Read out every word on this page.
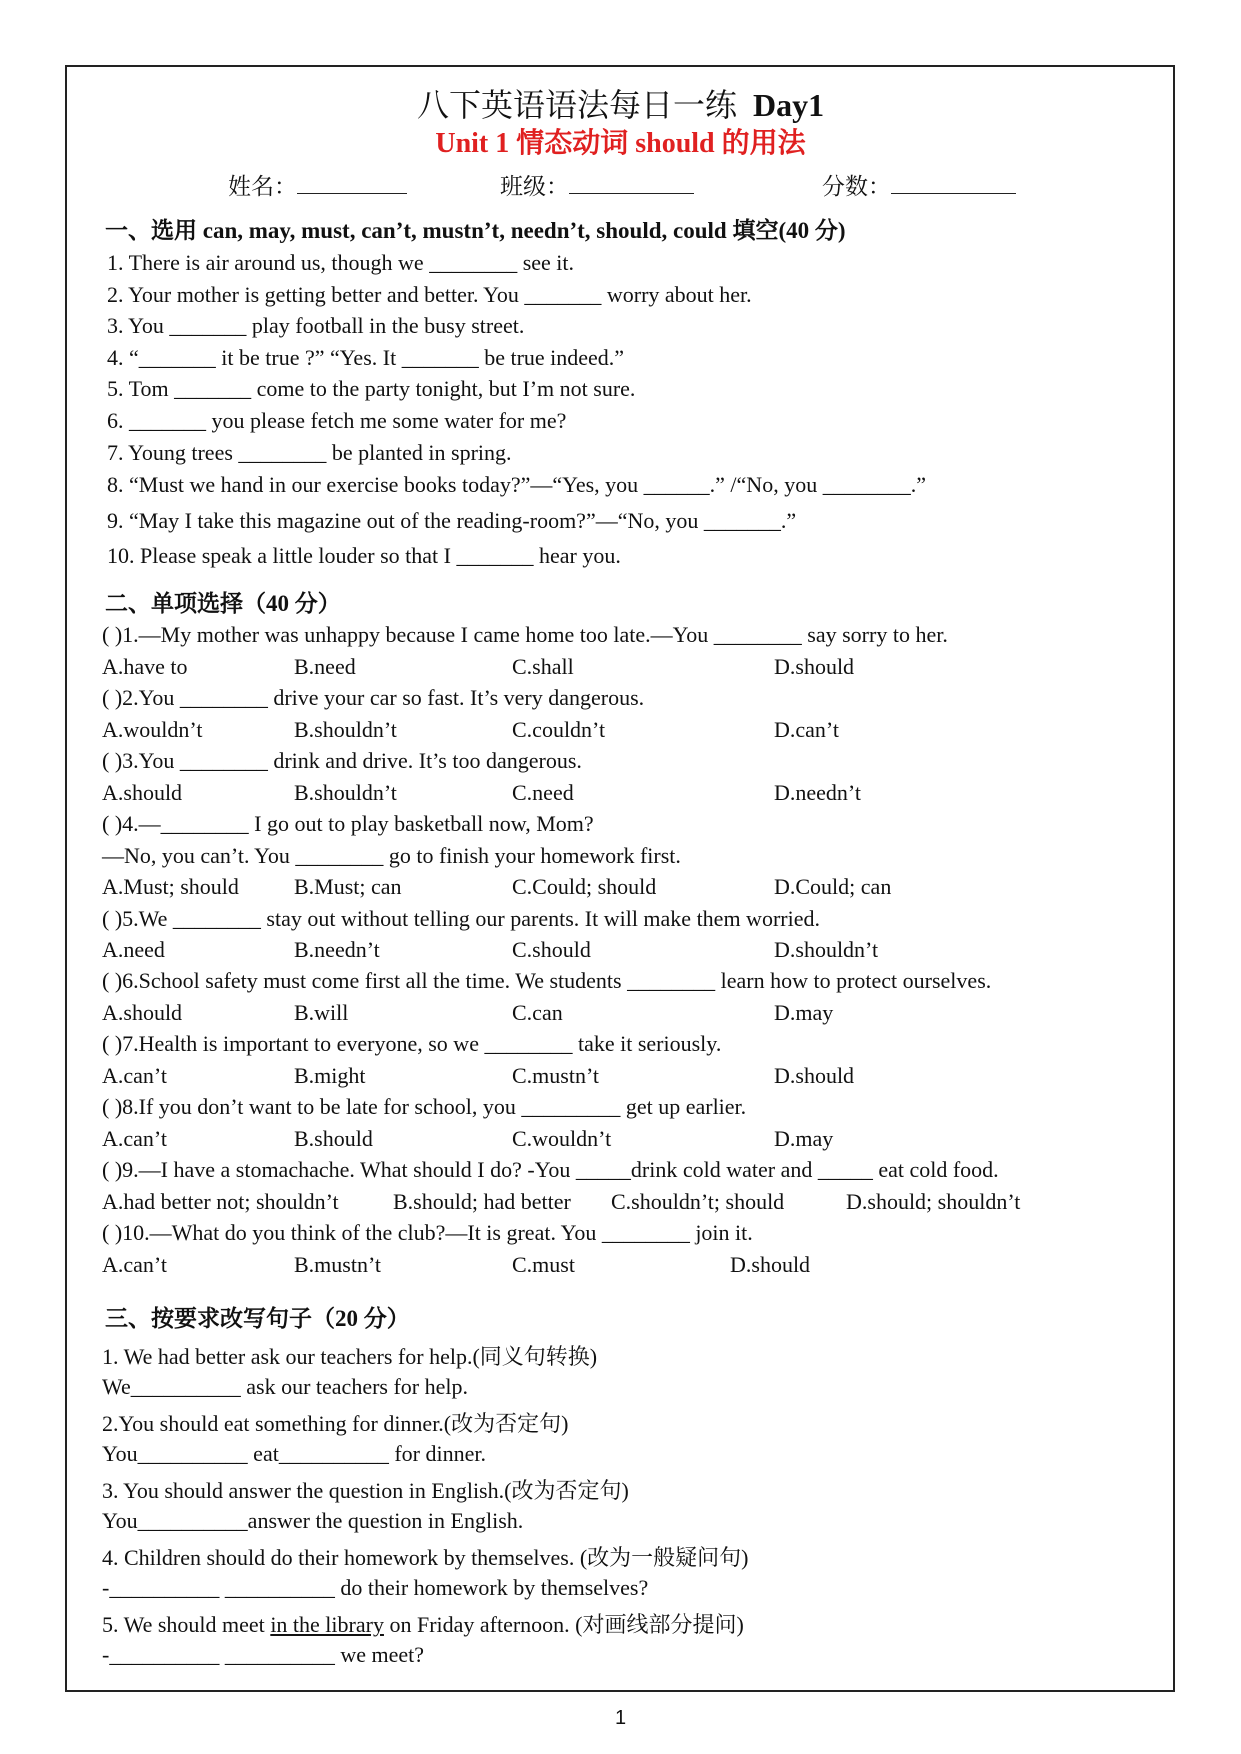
八下英语语法每日一练 Day1
Unit 1 情态动词 should 的用法
姓名：	班级：	分数：
一、选用 can, may, must, can’t, mustn’t, needn’t, should, could 填空(40 分)
1. There is air around us, though we ________ see it.
2. Your mother is getting better and better. You _______ worry about her.
3. You _______ play football in the busy street.
4. “_______ it be true ?” “Yes. It _______ be true indeed.”
5. Tom _______ come to the party tonight, but I’m not sure.
6. _______ you please fetch me some water for me?
7. Young trees ________ be planted in spring.
8. “Must we hand in our exercise books today?”—“Yes, you ______.” /“No, you ________.”
9. “May I take this magazine out of the reading-room?”—“No, you _______.”
10. Please speak a little louder so that I _______ hear you.
二、单项选择（40 分）
( )1.—My mother was unhappy because I came home too late.—You ________ say sorry to her.
A.have to	B.need	C.shall	D.should
( )2.You ________ drive your car so fast. It’s very dangerous.
A.wouldn’t	B.shouldn’t	C.couldn’t	D.can’t
( )3.You ________ drink and drive. It’s too dangerous.
A.should	B.shouldn’t	C.need	D.needn’t
( )4.—________ I go out to play basketball now, Mom?
—No, you can’t. You ________ go to finish your homework first.
A.Must; should	B.Must; can	C.Could; should	D.Could; can
( )5.We ________ stay out without telling our parents. It will make them worried.
A.need	B.needn’t	C.should	D.shouldn’t
( )6.School safety must come first all the time. We students ________ learn how to protect ourselves.
A.should	B.will	C.can	D.may
( )7.Health is important to everyone, so we ________ take it seriously.
A.can’t	B.might	C.mustn’t	D.should
( )8.If you don’t want to be late for school, you _________ get up earlier.
A.can’t	B.should	C.wouldn’t	D.may
( )9.—I have a stomachache. What should I do? -You _____drink cold water and _____ eat cold food.
A.had better not; shouldn’t B.should; had better C.shouldn’t; should	D.should; shouldn’t
( )10.—What do you think of the club?—It is great. You ________ join it.
A.can’t	B.mustn’t	C.must	D.should
三、按要求改写句子（20 分）
1. We had better ask our teachers for help.(同义句转换)
We__________ ask our teachers for help.
2.You should eat something for dinner.(改为否定句)
You__________ eat__________ for dinner.
3. You should answer the question in English.(改为否定句)
You__________answer the question in English.
4. Children should do their homework by themselves. (改为一般疑问句)
-__________ __________ do their homework by themselves?
5. We should meet in the library on Friday afternoon. (对画线部分提问)
-__________ __________ we meet?
1
